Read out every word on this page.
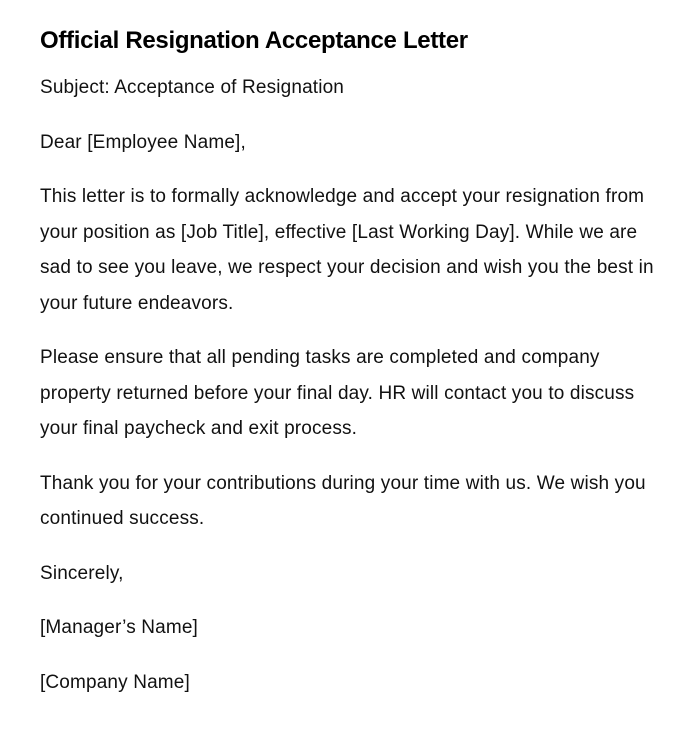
Official Resignation Acceptance Letter

Subject: Acceptance of Resignation

Dear [Employee Name],

This letter is to formally acknowledge and accept your resignation from your position as [Job Title], effective [Last Working Day]. While we are sad to see you leave, we respect your decision and wish you the best in your future endeavors.

Please ensure that all pending tasks are completed and company property returned before your final day. HR will contact you to discuss your final paycheck and exit process.

Thank you for your contributions during your time with us. We wish you continued success.

Sincerely,

[Manager’s Name]

[Company Name]
